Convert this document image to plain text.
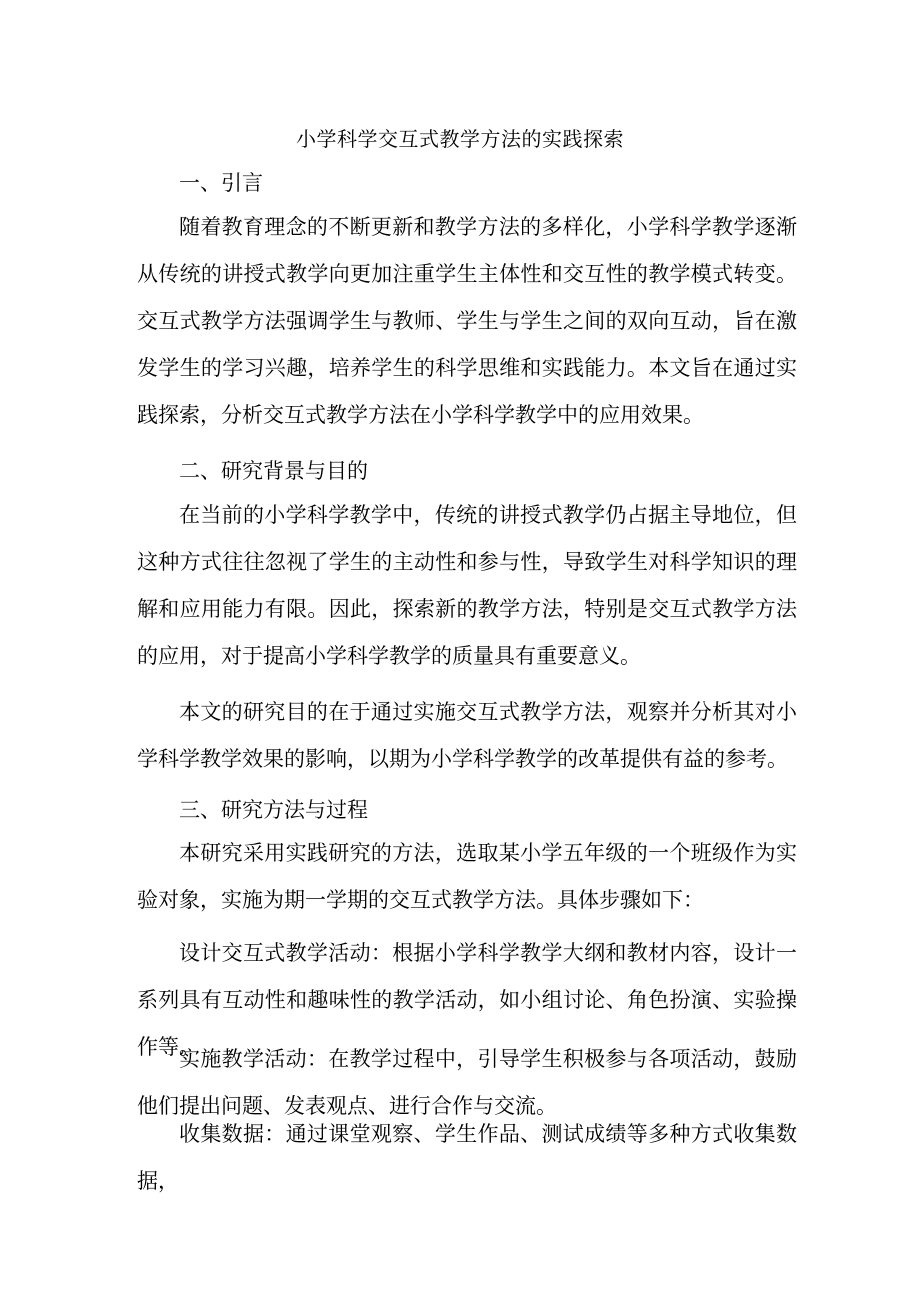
小学科学交互式教学方法的实践探索

一、引言

随着教育理念的不断更新和教学方法的多样化，小学科学教学逐渐从传统的讲授式教学向更加注重学生主体性和交互性的教学模式转变。交互式教学方法强调学生与教师、学生与学生之间的双向互动，旨在激发学生的学习兴趣，培养学生的科学思维和实践能力。本文旨在通过实践探索，分析交互式教学方法在小学科学教学中的应用效果。

二、研究背景与目的

在当前的小学科学教学中，传统的讲授式教学仍占据主导地位，但这种方式往往忽视了学生的主动性和参与性，导致学生对科学知识的理解和应用能力有限。因此，探索新的教学方法，特别是交互式教学方法的应用，对于提高小学科学教学的质量具有重要意义。

本文的研究目的在于通过实施交互式教学方法，观察并分析其对小学科学教学效果的影响，以期为小学科学教学的改革提供有益的参考。

三、研究方法与过程

本研究采用实践研究的方法，选取某小学五年级的一个班级作为实验对象，实施为期一学期的交互式教学方法。具体步骤如下：

设计交互式教学活动：根据小学科学教学大纲和教材内容，设计一系列具有互动性和趣味性的教学活动，如小组讨论、角色扮演、实验操作等。

实施教学活动：在教学过程中，引导学生积极参与各项活动，鼓励他们提出问题、发表观点、进行合作与交流。

收集数据：通过课堂观察、学生作品、测试成绩等多种方式收集数据，
